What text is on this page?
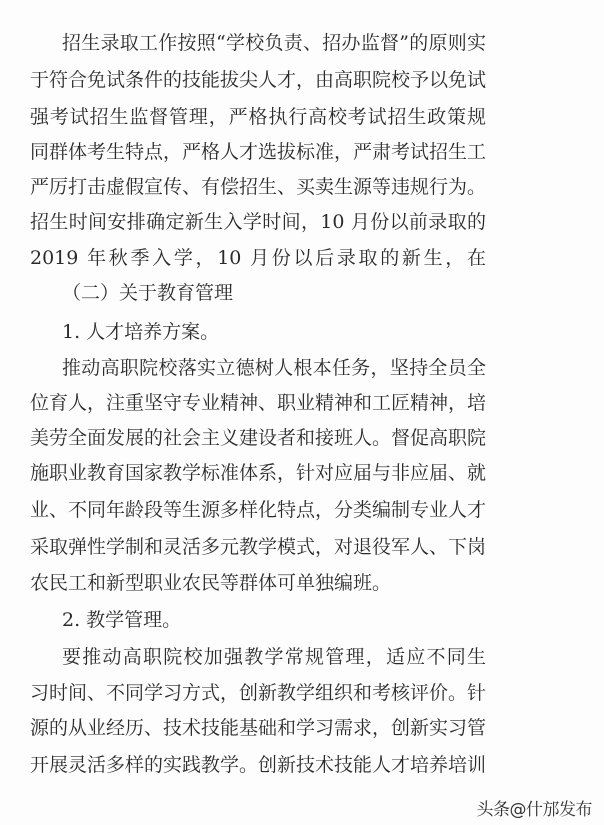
招生录取工作按照“学校负责、招办监督”的原则实
于符合免试条件的技能拔尖人才，由高职院校予以免试
强考试招生监督管理，严格执行高校考试招生政策规
同群体考生特点，严格人才选拔标准，严肃考试招生工
严厉打击虚假宣传、有偿招生、买卖生源等违规行为。
招生时间安排确定新生入学时间，10 月份以前录取的
2019 年秋季入学，10 月份以后录取的新生，在
（二）关于教育管理
1. 人才培养方案。
推动高职院校落实立德树人根本任务，坚持全员全
位育人，注重坚守专业精神、职业精神和工匠精神，培
美劳全面发展的社会主义建设者和接班人。督促高职院
施职业教育国家教学标准体系，针对应届与非应届、就
业、不同年龄段等生源多样化特点，分类编制专业人才
采取弹性学制和灵活多元教学模式，对退役军人、下岗
农民工和新型职业农民等群体可单独编班。
2. 教学管理。
要推动高职院校加强教学常规管理，适应不同生
习时间、不同学习方式，创新教学组织和考核评价。针
源的从业经历、技术技能基础和学习需求，创新实习管
开展灵活多样的实践教学。创新技术技能人才培养培训
头条@什邡发布
